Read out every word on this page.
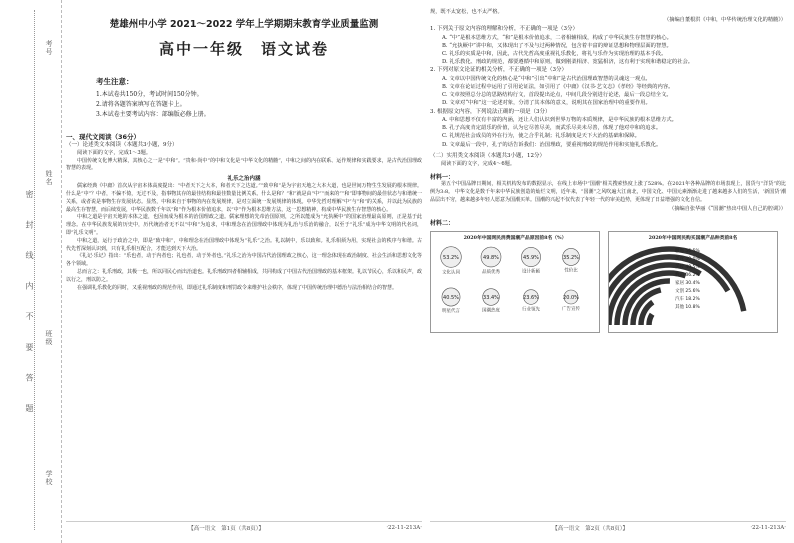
考号
姓名
班级
学校
密 封 线 内 不 要 答 题
楚雄州中小学 2021～2022 学年上学期期末教育学业质量监测
高中一年级　语文试卷
考生注意：
1.本试卷共150分，考试时间150分钟。
2.请将各题答案填写在答题卡上。
3.本试卷主要考试内容：部编版必修上册。
一、现代文阅读（36分）
（一）论述类文本阅读（本题共3小题，9分）
阅读下面的文字，完成1～3题。
中国传统文化博大精深，其核心之一是“中和”。“贵和·尚中”的中和文化是“中华文化的精髓”，中和之间的内在联系、运作规律和实践要求，是古代治国理政智慧的表现。
礼乐之治内涵
儒家经典《中庸》首次从宇宙本体高度提出：“中者天下之大本，和者天下之达道。”“致中和”是为宇宙天地之大本大道，也是世间万物生生发展的根本规律。什么是“中”？中者，不偏不倚，无过不及，指事物其存的最佳结构和最佳数量比例关系。什么是和？“和”就是由“中”“而来的”“和”即事物间的最佳状态与和谐统一关系，或者说是事物生存发展状态。显然，中和来自于事物的内在发展规律，是对立面统一发展规律的体现。中华先哲对理解“中”与“和”的关系，并以此为民族的最高生存智慧，而后续发展，中华民族数千年以“和”作为根本价值追求，以“中”作为根本思维方法，这一思想精神，构成中华民族生存智慧的核心。
中和之道是宇宙天地的本体之道，也因而成为根本的治国理政之道。儒家理想的先帝治国原则，之所以能成为“允执厥中”的国家治理最高原则，正是基于此理念。在中华民族发展的历史中，历代统治者无不以“中和”为追求，中和理念在治国理政中体现为礼治与乐治的融合，以至于“礼乐”成为中华文明的代名词，即“礼乐文明”。
中和之道，运行于政治之中，即是“致中和”，中和理念在治国理政中体现为“礼乐”之治。礼以制中，乐以致和。礼乐相须为用，实现社会的秩序与和谐。古代先哲深刻认识到，只有礼乐相互配合，才能达到天下大治。
《礼记·乐记》指出：“乐也者，动于内者也；礼也者，动于外者也。”礼乐之治为中国古代治国理政之核心，这一理念体现在政治制度、社会生活和思想文化等各个领域。
总而言之：礼乐刑政，其极一也，所以同民心而出治道也。礼乐刑政四者相辅相成，共同构成了中国古代治国理政的基本框架。礼以节民心，乐以和民声，政以行之，刑以防之。
在强调礼乐教化的同时，又重视刑政的规范作用，即通过礼乐制度和刑罚政令来维护社会秩序，体现了中国传统治理中德治与法治相结合的智慧。
【高一语文　第1页（共8页）】	·22-11-213A·
规，既不太宽松，也不太严格。
（摘编自董根洪《中和，中华传统治理文化的精髓》）
1. 下列关于原文内容的理解和分析，不正确的一项是（3分）
A. “中”是根本思维方式，“和”是根本价值追求，二者相辅相成，构成了中华民族生存智慧的核心。
B. “允执厥中”讲中和，又体现出了不及与过两种情况，包含着丰富的辩证思想和物理层面的智慧。
C. 礼乐的实质是中和，因此，古代先哲高度重视礼乐教化，将礼与乐作为实现治理的基本手段。
D. 礼乐教化、刑政的规范，都要遵循中和原则，做到刚柔相济、宽猛相济，这有利于实现和谐稳定的社会。
2. 下列对原文论证的相关分析，不正确的一项是（3分）
A. 文章以中国传统文化的核心是“中和”引出“中和”是古代治国理政智慧的灵魂这一观点。
B. 文章在论证过程中运用了引用论证法，如引用了《中庸》《汉书·艺文志》《孝经》等经典的内容。
C. 文章按照总分总的思路结构行文，首段提出论点，中间几段分别进行论述，最后一段总结全文。
D. 文章对“中和”这一论述对象，分清了其本体的意义，说明其在国家治理中的重要作用。
3. 根据原文内容，下列说法正确的一项是（3分）
A. 中和思想不仅有丰富的内涵，还让人们认识到世界万物的本质规律，是中华民族的根本思维方式。
B. 孔子高度肯定韶乐的价值，认为它尽善尽美，而武乐尽美未尽善，体现了他对中和的追求。
C. 礼规范社会成员的外在行为，使之合乎礼制；礼乐制度是天下大治的基础和保障。
D. 文章最后一段中，孔子的话告诉我们：治国理政，要重视刑政的规范作用和实施礼乐教化。
（二）实用类文本阅读（本题共3小题，12分）
阅读下面的文字，完成4～6题。
材料一：
第五个中国品牌日期间，相关机构发布的数据显示，在线上市场中“国潮”相关搜索热度上涨了528%。在2021年各种品牌的市场表现上，国货与“洋货”的比例为3:8。 中华文化是数千年来中华民族创造的灿烂文明，近年来，“国潮”之风吹遍大江南北，中国文化、中国元素渐渐走进了越来越多人们的生活，‘新国货’潮品层出不穷，越来越多年轻人愿意为国潮买单。国潮的兴起不仅代表了年轻一代的审美趋势，更体现了日益增强的文化自信。
（摘编自张华丽《“国潮”热出中国人自己的腔调》）
材料二：
2020年中国网民消费国潮产品原因前8名（%）
53.2%
文化认同
49.8%
品质优秀
45.9%
设计新颖
35.2%
性价比
40.5%
明星代言
33.4%
国潮热度
23.6%
行业领先
20.0%
广告宣传
2020年中国网民购买国潮产品种类前8名
服饰 56.5%
美食 50.0%
美妆 40.5%
数码 36.2%
家居 30.4%
文创 25.6%
汽车 18.2%
其他 10.8%
【高一语文　第2页（共8页）】	·22-11-213A·
